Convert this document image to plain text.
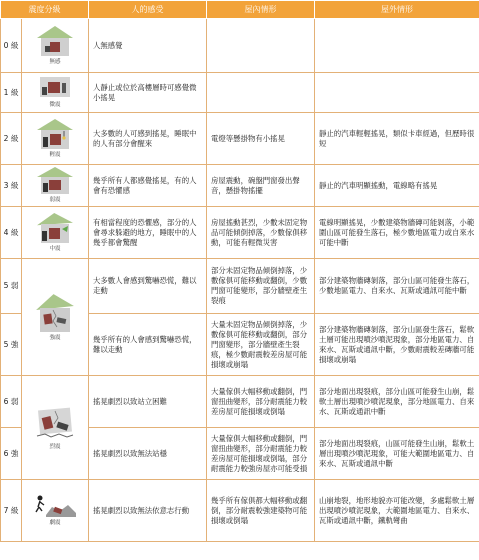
震度分級		人的感受	屋內情形	屋外情形
0 級	無感	人無感覺		
1 級	微震	人靜止或位於高樓層時可感覺微小搖晃		
2 級	輕震	大多數的人可感到搖晃，睡眠中的人有部分會醒來	電燈等懸掛物有小搖晃	靜止的汽車輕輕搖晃，類似卡車經過，但歷時很短
3 級	弱震	幾乎所有人都感覺搖晃，有的人會有恐懼感	房屋震動，碗盤門窗發出聲音，懸掛物搖擺	靜止的汽車明顯搖動，電線略有搖晃
4 級	中震	有相當程度的恐懼感，部分的人會尋求躲避的地方，睡眠中的人幾乎都會驚醒	房屋搖動甚烈，少數未固定物品可能傾倒掉落，少數傢俱移動，可能有輕微災害	電線明顯搖晃，少數建築物牆磚可能剝落，小範圍山區可能發生落石，極少數地區電力或自來水可能中斷
5 弱	強震	大多數人會感到驚嚇恐慌，難以走動	部分未固定物品傾倒掉落，少數傢俱可能移動或翻倒，少數門窗可能變形，部分牆壁產生裂痕	部分建築物牆磚剝落，部分山區可能發生落石，少數地區電力、自來水、瓦斯或通訊可能中斷
5 強		幾乎所有的人會感到驚嚇恐慌，難以走動	大量未固定物品傾倒掉落，少數傢俱可能移動或翻倒，部分門窗變形，部分牆壁產生裂痕，極少數耐震較差房屋可能損壞或崩塌	部分建築物牆磚剝落，部分山區發生落石，鬆軟土層可能出現噴沙噴泥現象，部分地區電力、自來水、瓦斯或通訊中斷，少數耐震較差磚牆可能損壞或崩塌
6 弱	烈震	搖晃劇烈以致站立困難	大量傢俱大幅移動或翻倒，門窗扭曲變形，部分耐震能力較差房屋可能損壞或倒塌	部分地面出現裂痕，部分山區可能發生山崩，鬆軟土層出現噴沙噴泥現象，部分地區電力、自來水、瓦斯或通訊中斷
6 強		搖晃劇烈以致無法站穩	大量傢俱大幅移動或翻倒，門窗扭曲變形，部分耐震能力較差房屋可能損壞或倒塌，部分耐震能力較強房屋亦可能受損	部分地面出現裂痕，山區可能發生山崩，鬆軟土層出現噴沙噴泥現象，可能大範圍地區電力、自來水、瓦斯或通訊中斷
7 級	劇震	搖晃劇烈以致無法依意志行動	幾乎所有傢俱都大幅移動或翻倒，部分耐震較強建築物可能損壞或倒塌	山崩地裂，地形地貌亦可能改變，多處鬆軟土層出現噴沙噴泥現象，大範圍地區電力、自來水、瓦斯或通訊中斷，鐵軌彎曲
